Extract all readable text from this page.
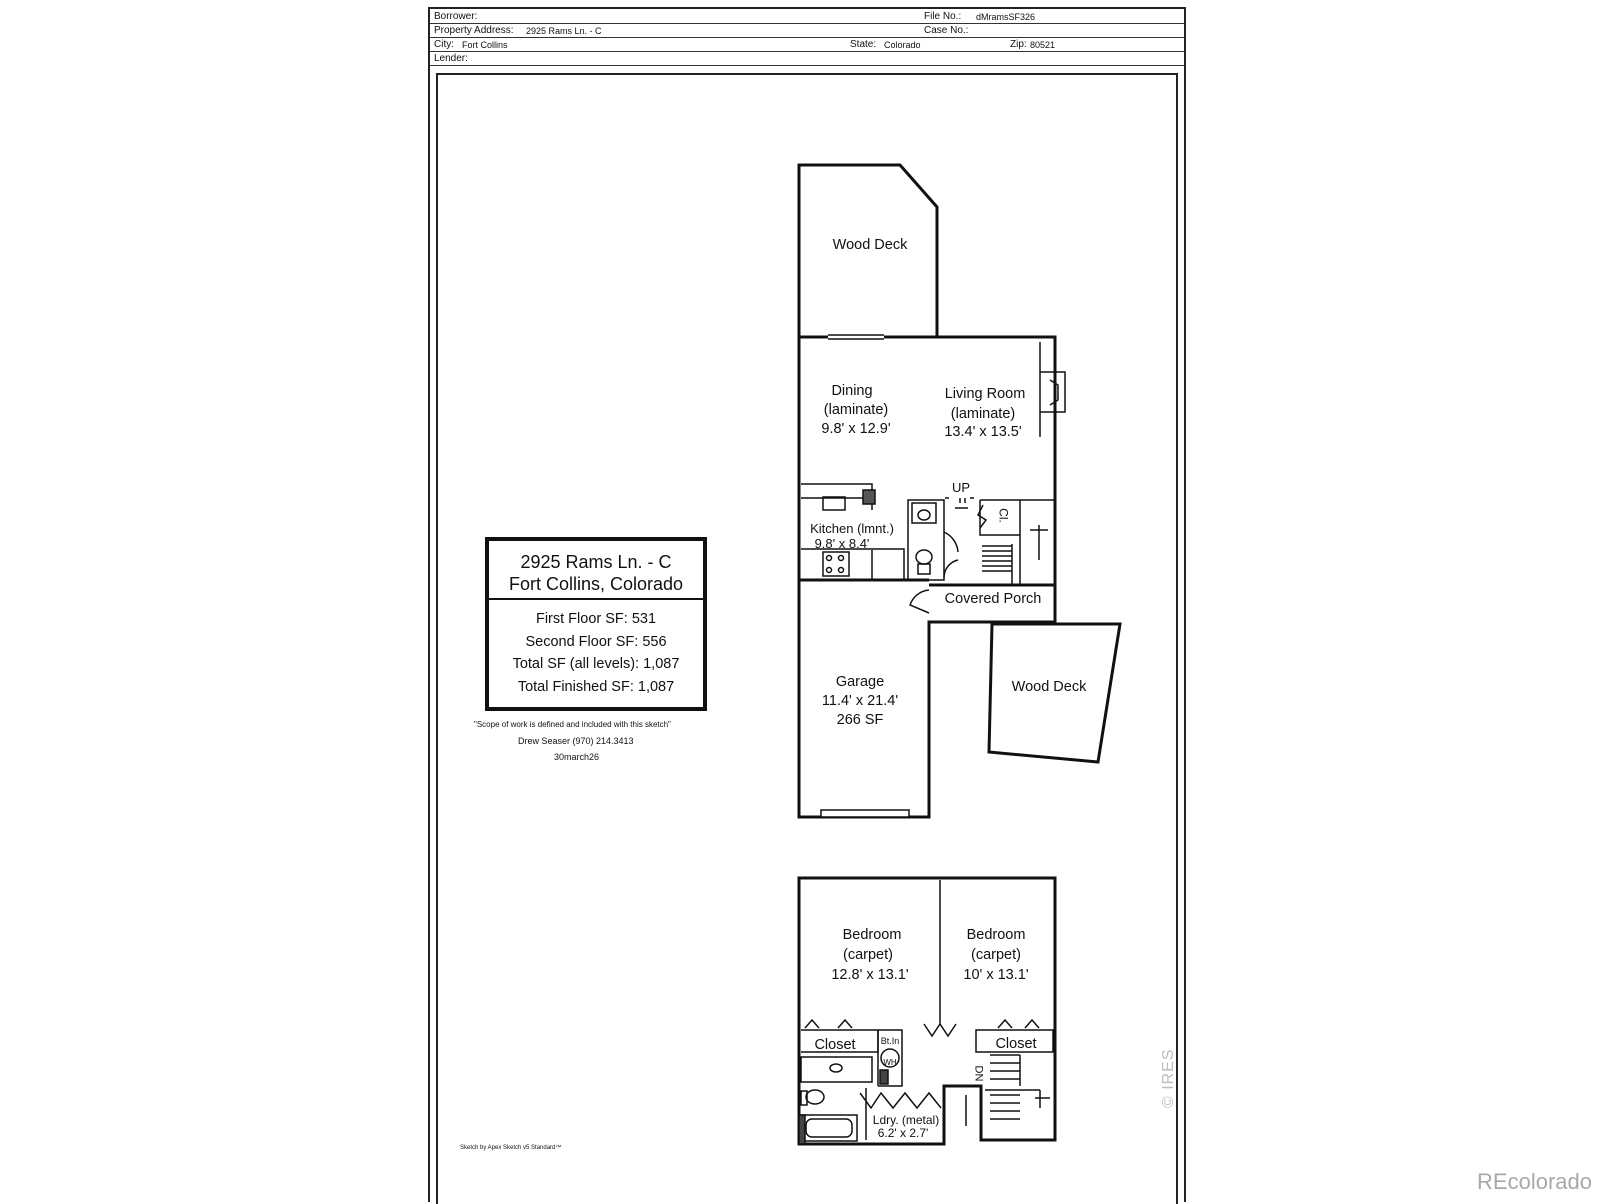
Borrower:	File No.: dMramsSF326
Property Address: 2925 Rams Ln. - C	Case No.:
City: Fort Collins	State: Colorado	Zip: 80521
Lender:
Wood Deck
Dining
(laminate)
9.8' x 12.9'
Living Room
(laminate)
13.4' x 13.5'
UP
Cl.
Kitchen (lmnt.)
9.8' x 8.4'
Covered Porch
Garage
11.4' x 21.4'
266 SF
Wood Deck
Bedroom
(carpet)
12.8' x 13.1'
Bedroom
(carpet)
10' x 13.1'
Closet	Closet
Bt.In
WH
DN
Ldry. (metal)
6.2' x 2.7'
2925 Rams Ln. - C
Fort Collins, Colorado
First Floor SF: 531
Second Floor SF: 556
Total SF (all levels): 1,087
Total Finished SF: 1,087
"Scope of work is defined and included with this sketch"
Drew Seaser (970) 214.3413
30march26
Sketch by Apex Sketch v5 Standard™
© IRES
REcolorado
